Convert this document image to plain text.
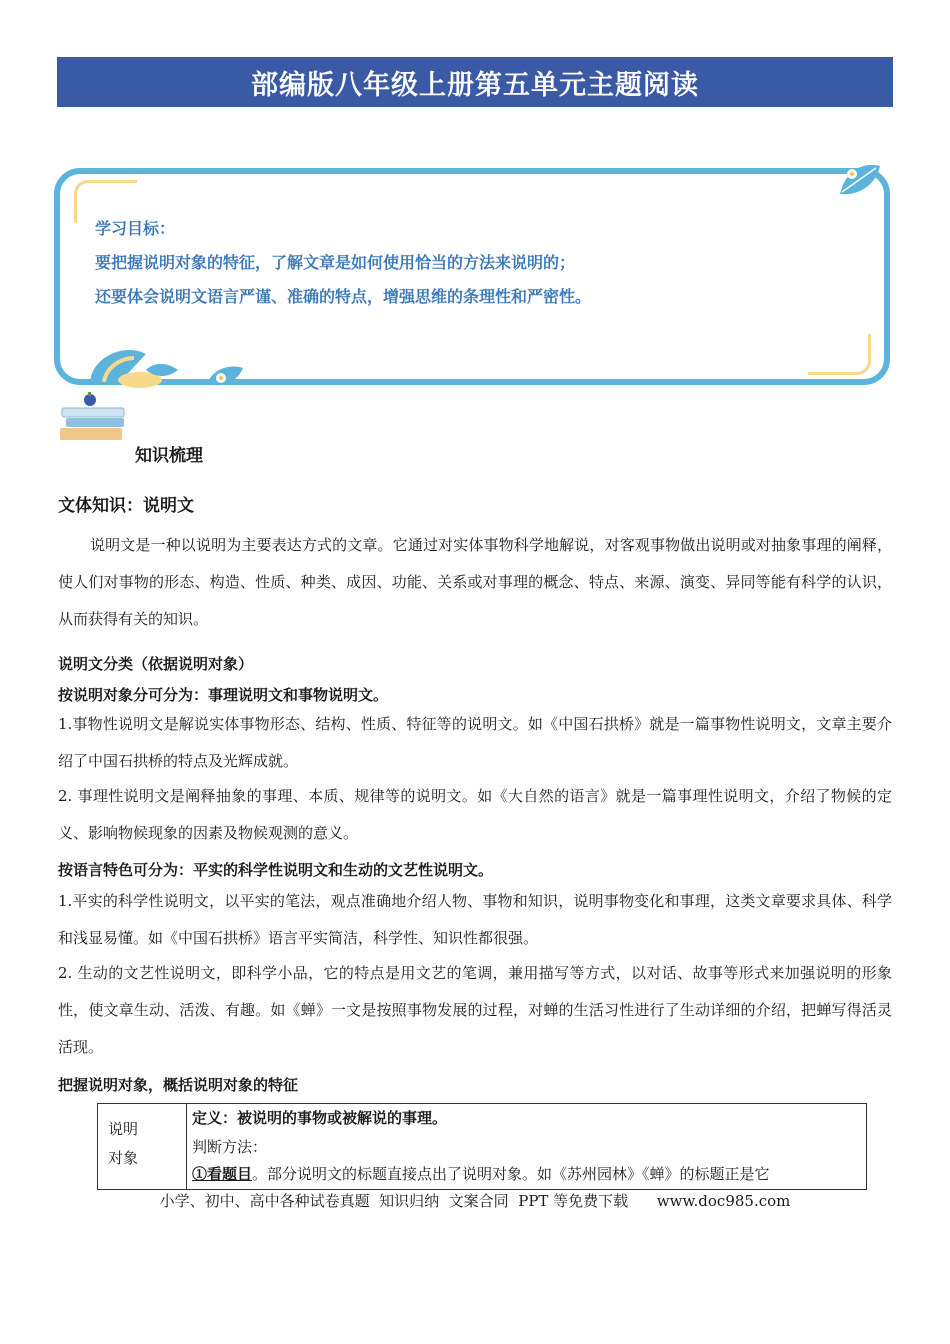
部编版八年级上册第五单元主题阅读
学习目标：
要把握说明对象的特征，了解文章是如何使用恰当的方法来说明的；
还要体会说明文语言严谨、准确的特点，增强思维的条理性和严密性。
知识梳理
文体知识：说明文
说明文是一种以说明为主要表达方式的文章。它通过对实体事物科学地解说，对客观事物做出说明或对抽象事理的阐释，使人们对事物的形态、构造、性质、种类、成因、功能、关系或对事理的概念、特点、来源、演变、异同等能有科学的认识，从而获得有关的知识。
说明文分类（依据说明对象）
按说明对象分可分为：事理说明文和事物说明文。
1.事物性说明文是解说实体事物形态、结构、性质、特征等的说明文。如《中国石拱桥》就是一篇事物性说明文，文章主要介绍了中国石拱桥的特点及光辉成就。
2. 事理性说明文是阐释抽象的事理、本质、规律等的说明文。如《大自然的语言》就是一篇事理性说明文，介绍了物候的定义、影响物候现象的因素及物候观测的意义。
按语言特色可分为：平实的科学性说明文和生动的文艺性说明文。
1.平实的科学性说明文，以平实的笔法，观点准确地介绍人物、事物和知识，说明事物变化和事理，这类文章要求具体、科学和浅显易懂。如《中国石拱桥》语言平实简洁，科学性、知识性都很强。
2. 生动的文艺性说明文，即科学小品，它的特点是用文艺的笔调，兼用描写等方式，以对话、故事等形式来加强说明的形象性，使文章生动、活泼、有趣。如《蝉》一文是按照事物发展的过程，对蝉的生活习性进行了生动详细的介绍，把蝉写得活灵活现。
把握说明对象，概括说明对象的特征
说明
对象
定义：被说明的事物或被解说的事理。
判断方法：
①看题目。部分说明文的标题直接点出了说明对象。如《苏州园林》《蝉》的标题正是它
小学、初中、高中各种试卷真题  知识归纳  文案合同  PPT 等免费下载      www.doc985.com
